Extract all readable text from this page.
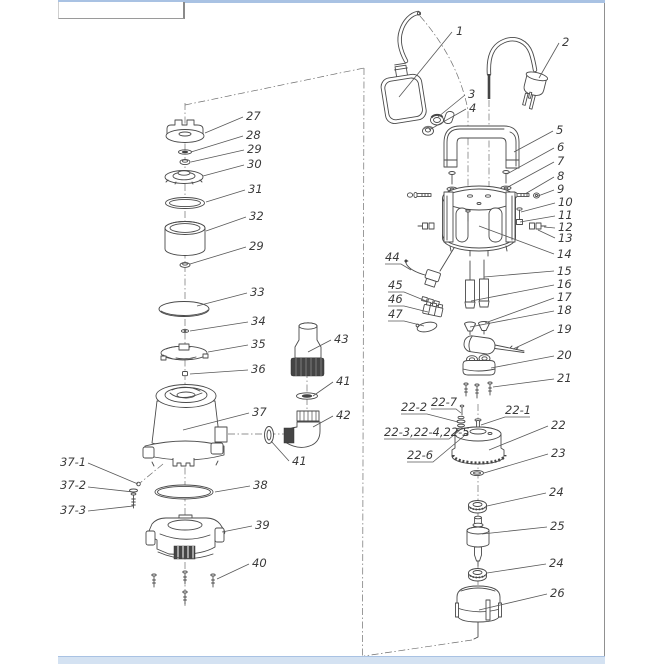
1
2
3
4
5
6
7
8
9
10
11
12
13
14
15
16
17
18
19
20
21
22
23
24
25
24
26
27
28
29
30
31
32
29
33
34
35
36
43
41
42
37
41
38
39
40
37-1
37-2
37-3
44
45
46
47
22-2 22-7
22-1
22-3,22-4,22-5
22-6
